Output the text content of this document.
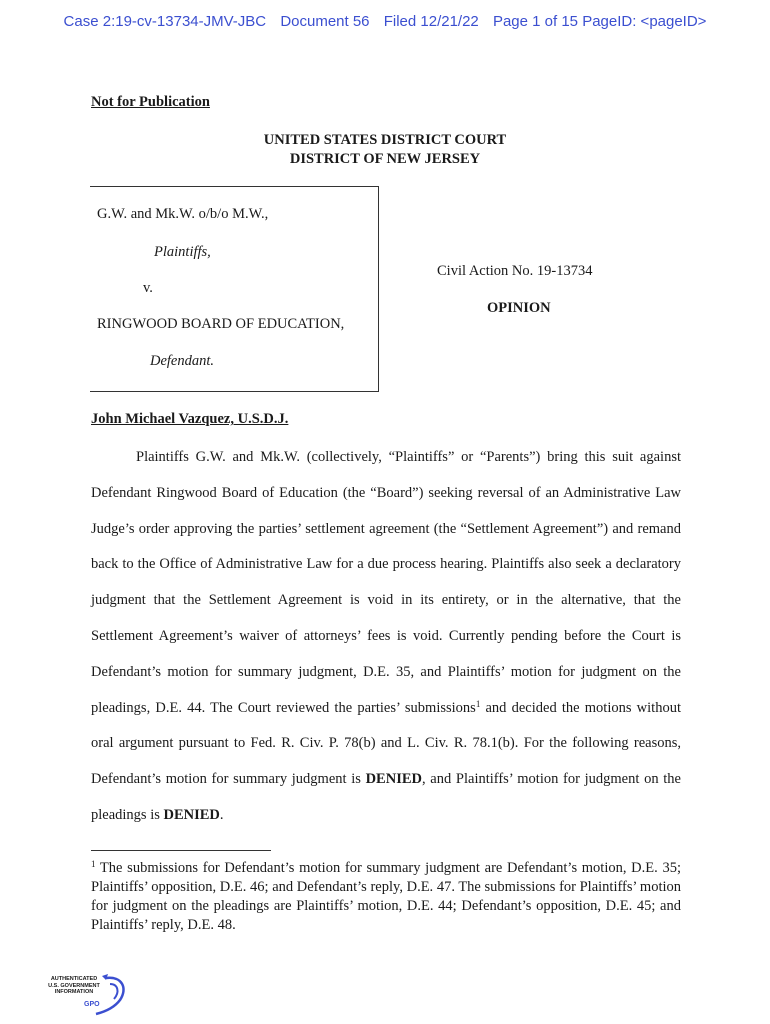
Case 2:19-cv-13734-JMV-JBC Document 56 Filed 12/21/22 Page 1 of 15 PageID: <pageID>
Not for Publication
UNITED STATES DISTRICT COURT
DISTRICT OF NEW JERSEY
G.W. and Mk.W. o/b/o M.W.,
Plaintiffs,
v.
RINGWOOD BOARD OF EDUCATION,
Defendant.
Civil Action No. 19-13734
OPINION
John Michael Vazquez, U.S.D.J.

Plaintiffs G.W. and Mk.W. (collectively, “Plaintiffs” or “Parents”) bring this suit against Defendant Ringwood Board of Education (the “Board”) seeking reversal of an Administrative Law Judge’s order approving the parties’ settlement agreement (the “Settlement Agreement”) and remand back to the Office of Administrative Law for a due process hearing. Plaintiffs also seek a declaratory judgment that the Settlement Agreement is void in its entirety, or in the alternative, that the Settlement Agreement’s waiver of attorneys’ fees is void. Currently pending before the Court is Defendant’s motion for summary judgment, D.E. 35, and Plaintiffs’ motion for judgment on the pleadings, D.E. 44. The Court reviewed the parties’ submissions$^1$ and decided the motions without oral argument pursuant to Fed. R. Civ. P. 78(b) and L. Civ. R. 78.1(b). For the following reasons, Defendant’s motion for summary judgment is DENIED, and Plaintiffs’ motion for judgment on the pleadings is DENIED.

$^1$ The submissions for Defendant’s motion for summary judgment are Defendant’s motion, D.E. 35; Plaintiffs’ opposition, D.E. 46; and Defendant’s reply, D.E. 47. The submissions for Plaintiffs’ motion for judgment on the pleadings are Plaintiffs’ motion, D.E. 44; Defendant’s opposition, D.E. 45; and Plaintiffs’ reply, D.E. 48.
AUTHENTICATED
U.S. GOVERNMENT
INFORMATION
GPO
